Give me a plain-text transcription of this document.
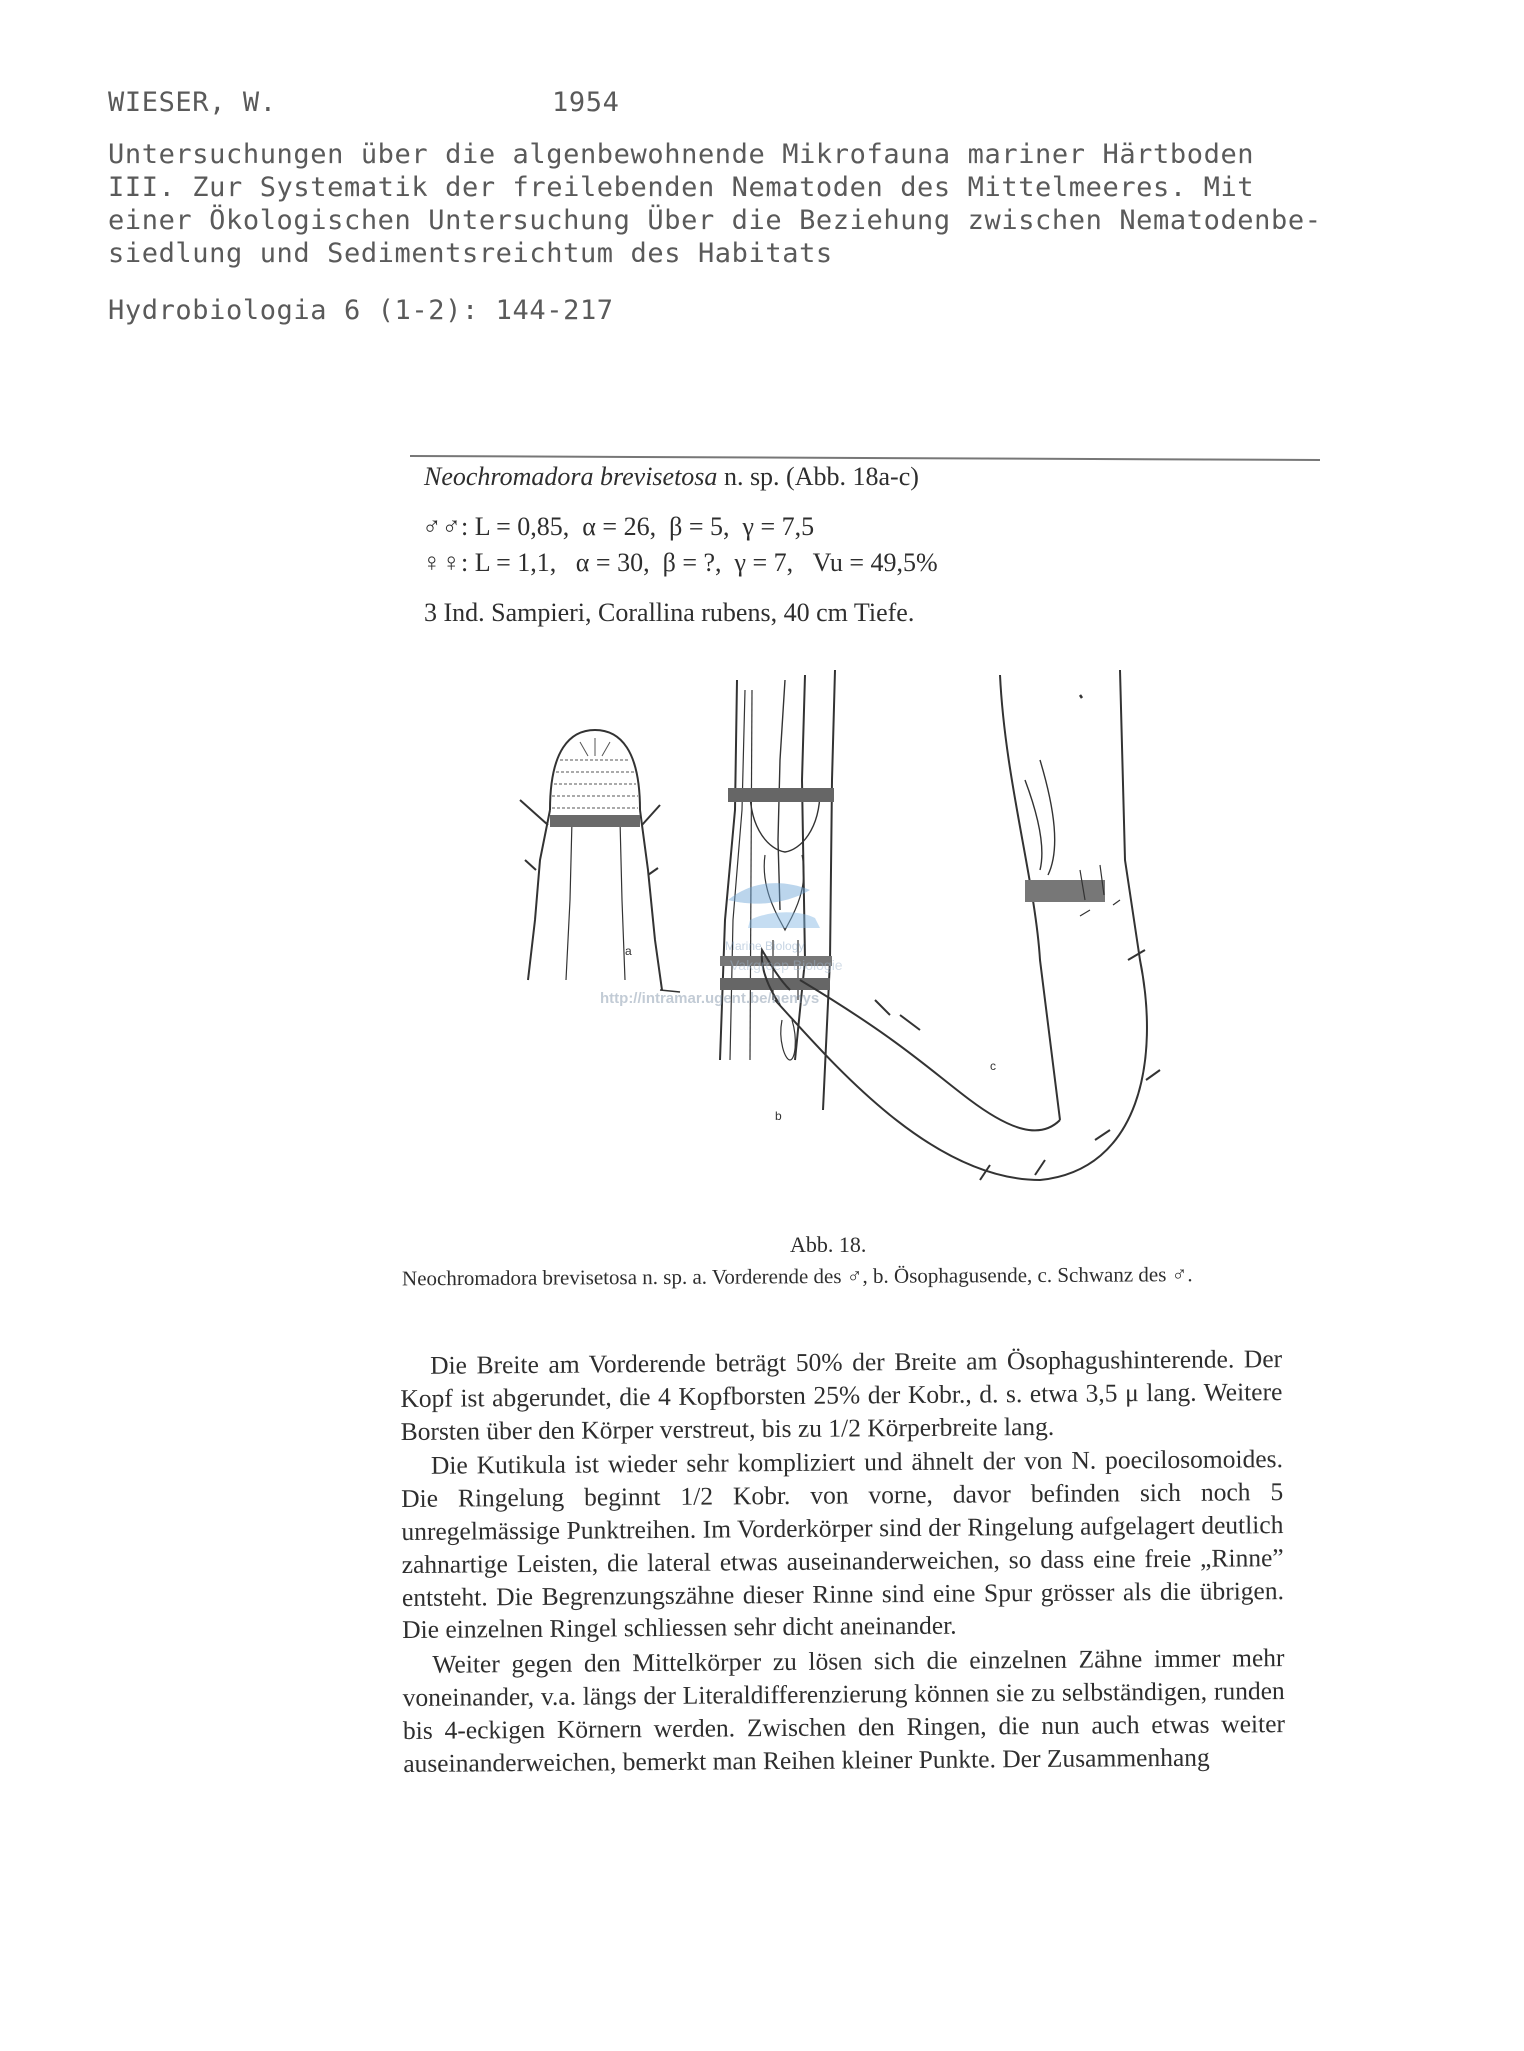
WIESER, W.	1954
Untersuchungen über die algenbewohnende Mikrofauna mariner Härtboden
III. Zur Systematik der freilebenden Nematoden des Mittelmeeres. Mit
einer Ökologischen Untersuchung Über die Beziehung zwischen Nematodenbe-
siedlung und Sedimentsreichtum des Habitats
Hydrobiologia 6 (1-2): 144-217
Neochromadora brevisetosa n. sp. (Abb. 18a-c)
♂♂: L = 0,85,  α = 26,  β = 5,  γ = 7,5
♀♀: L = 1,1,   α = 30,  β = ?,  γ = 7,   Vu = 49,5%
3 Ind. Sampieri, Corallina rubens, 40 cm Tiefe.
a
b
c
Marine Biology
Vakgroep Biologie
http://intramar.ugent.be/nemys
Abb. 18.
Neochromadora brevisetosa n. sp. a. Vorderende des ♂, b. Ösophagusende, c. Schwanz des ♂.

Die Breite am Vorderende beträgt 50% der Breite am Ösophagushinterende. Der Kopf ist abgerundet, die 4 Kopfborsten 25% der Kobr., d. s. etwa 3,5 μ lang. Weitere Borsten über den Körper verstreut, bis zu 1/2 Körperbreite lang.

Die Kutikula ist wieder sehr kompliziert und ähnelt der von N. poecilosomoides. Die Ringelung beginnt 1/2 Kobr. von vorne, davor befinden sich noch 5 unregelmässige Punktreihen. Im Vorderkörper sind der Ringelung aufgelagert deutlich zahnartige Leisten, die lateral etwas auseinanderweichen, so dass eine freie „Rinne” entsteht. Die Begrenzungszähne dieser Rinne sind eine Spur grösser als die übrigen. Die einzelnen Ringel schliessen sehr dicht aneinander.

Weiter gegen den Mittelkörper zu lösen sich die einzelnen Zähne immer mehr voneinander, v.a. längs der Literaldifferenzierung können sie zu selbständigen, runden bis 4-eckigen Körnern werden. Zwischen den Ringen, die nun auch etwas weiter auseinanderweichen, bemerkt man Reihen kleiner Punkte. Der Zusammenhang
